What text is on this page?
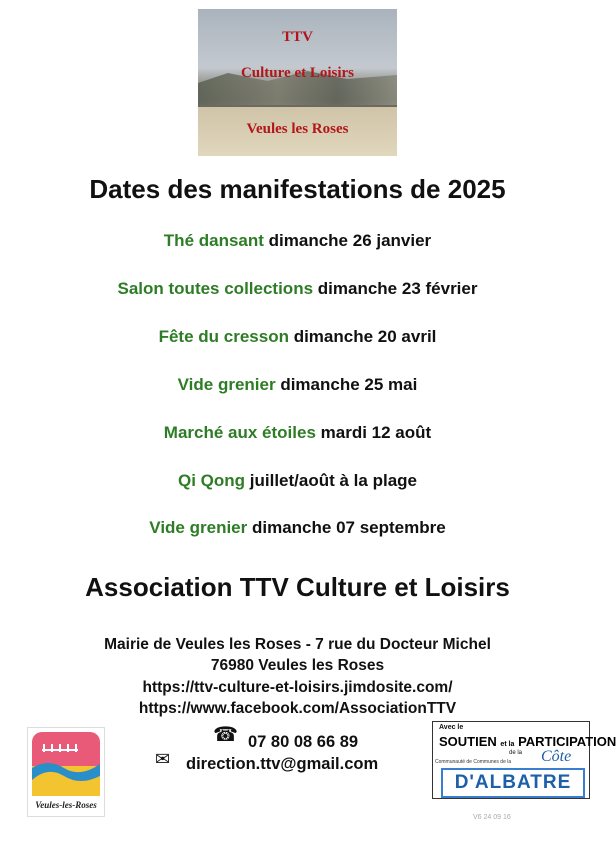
TTV
Culture et Loisirs
Veules les Roses
Dates des manifestations de 2025
Thé dansant dimanche 26 janvier
Salon toutes collections dimanche 23 février
Fête du cresson dimanche 20 avril
Vide grenier dimanche 25 mai
Marché aux étoiles mardi 12 août
Qi Qong juillet/août à la plage
Vide grenier dimanche 07 septembre
Association TTV Culture et Loisirs
Mairie de Veules les Roses - 7 rue du Docteur Michel
76980 Veules les Roses
https://ttv-culture-et-loisirs.jimdosite.com/
https://www.facebook.com/AssociationTTV
Veules-les-Roses
☎ 07 80 08 66 89
✉ direction.ttv@gmail.com
Avec le
SOUTIEN et la PARTICIPATION
de la
Communauté de Communes de la Côte
D'ALBATRE
V6 24 09 16
